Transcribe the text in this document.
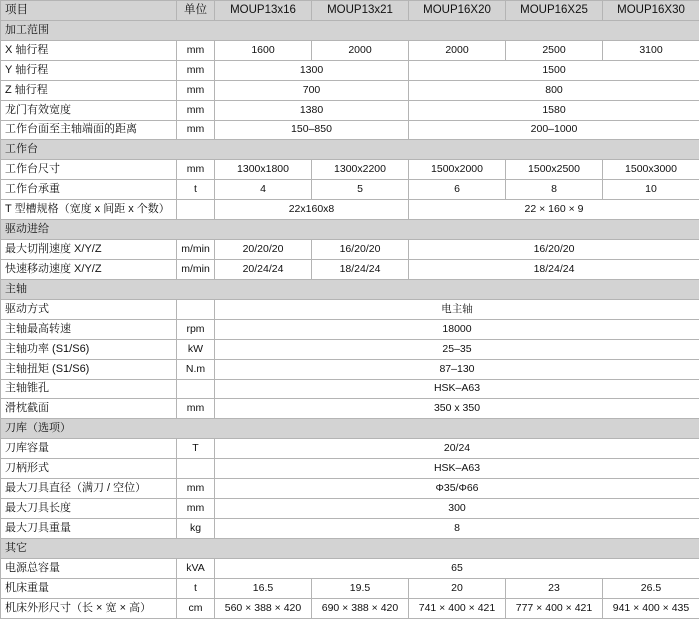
项目	单位	MOUP13x16	MOUP13x21	MOUP16X20	MOUP16X25	MOUP16X30
加工范围						
X 轴行程	mm	1600	2000	2000	2500	3100
Y 轴行程	mm	1300		1500		
Z 轴行程	mm	700		800		
龙门有效宽度	mm	1380		1580		
工作台面至主轴端面的距离	mm	150–850		200–1000		
工作台						
工作台尺寸	mm	1300x1800	1300x2200	1500x2000	1500x2500	1500x3000
工作台承重	t	4	5	6	8	10
T 型槽规格（宽度 x 间距 x 个数）		22x160x8		22 × 160 × 9		
驱动进给						
最大切削速度 X/Y/Z	m/min	20/20/20	16/20/20	16/20/20		
快速移动速度 X/Y/Z	m/min	20/24/24	18/24/24	18/24/24		
主轴						
驱动方式		电主轴				
主轴最高转速	rpm	18000				
主轴功率 (S1/S6)	kW	25–35				
主轴扭矩 (S1/S6)	N.m	87–130				
主轴锥孔		HSK–A63				
滑枕截面	mm	350 x 350				
刀库（选项）						
刀库容量	T	20/24				
刀柄形式		HSK–A63				
最大刀具直径（满刀 / 空位）	mm	Φ35/Φ66				
最大刀具长度	mm	300				
最大刀具重量	kg	8				
其它						
电源总容量	kVA	65				
机床重量	t	16.5	19.5	20	23	26.5
机床外形尺寸（长 × 宽 × 高）	cm	560 × 388 × 420	690 × 388 × 420	741 × 400 × 421	777 × 400 × 421	941 × 400 × 435
